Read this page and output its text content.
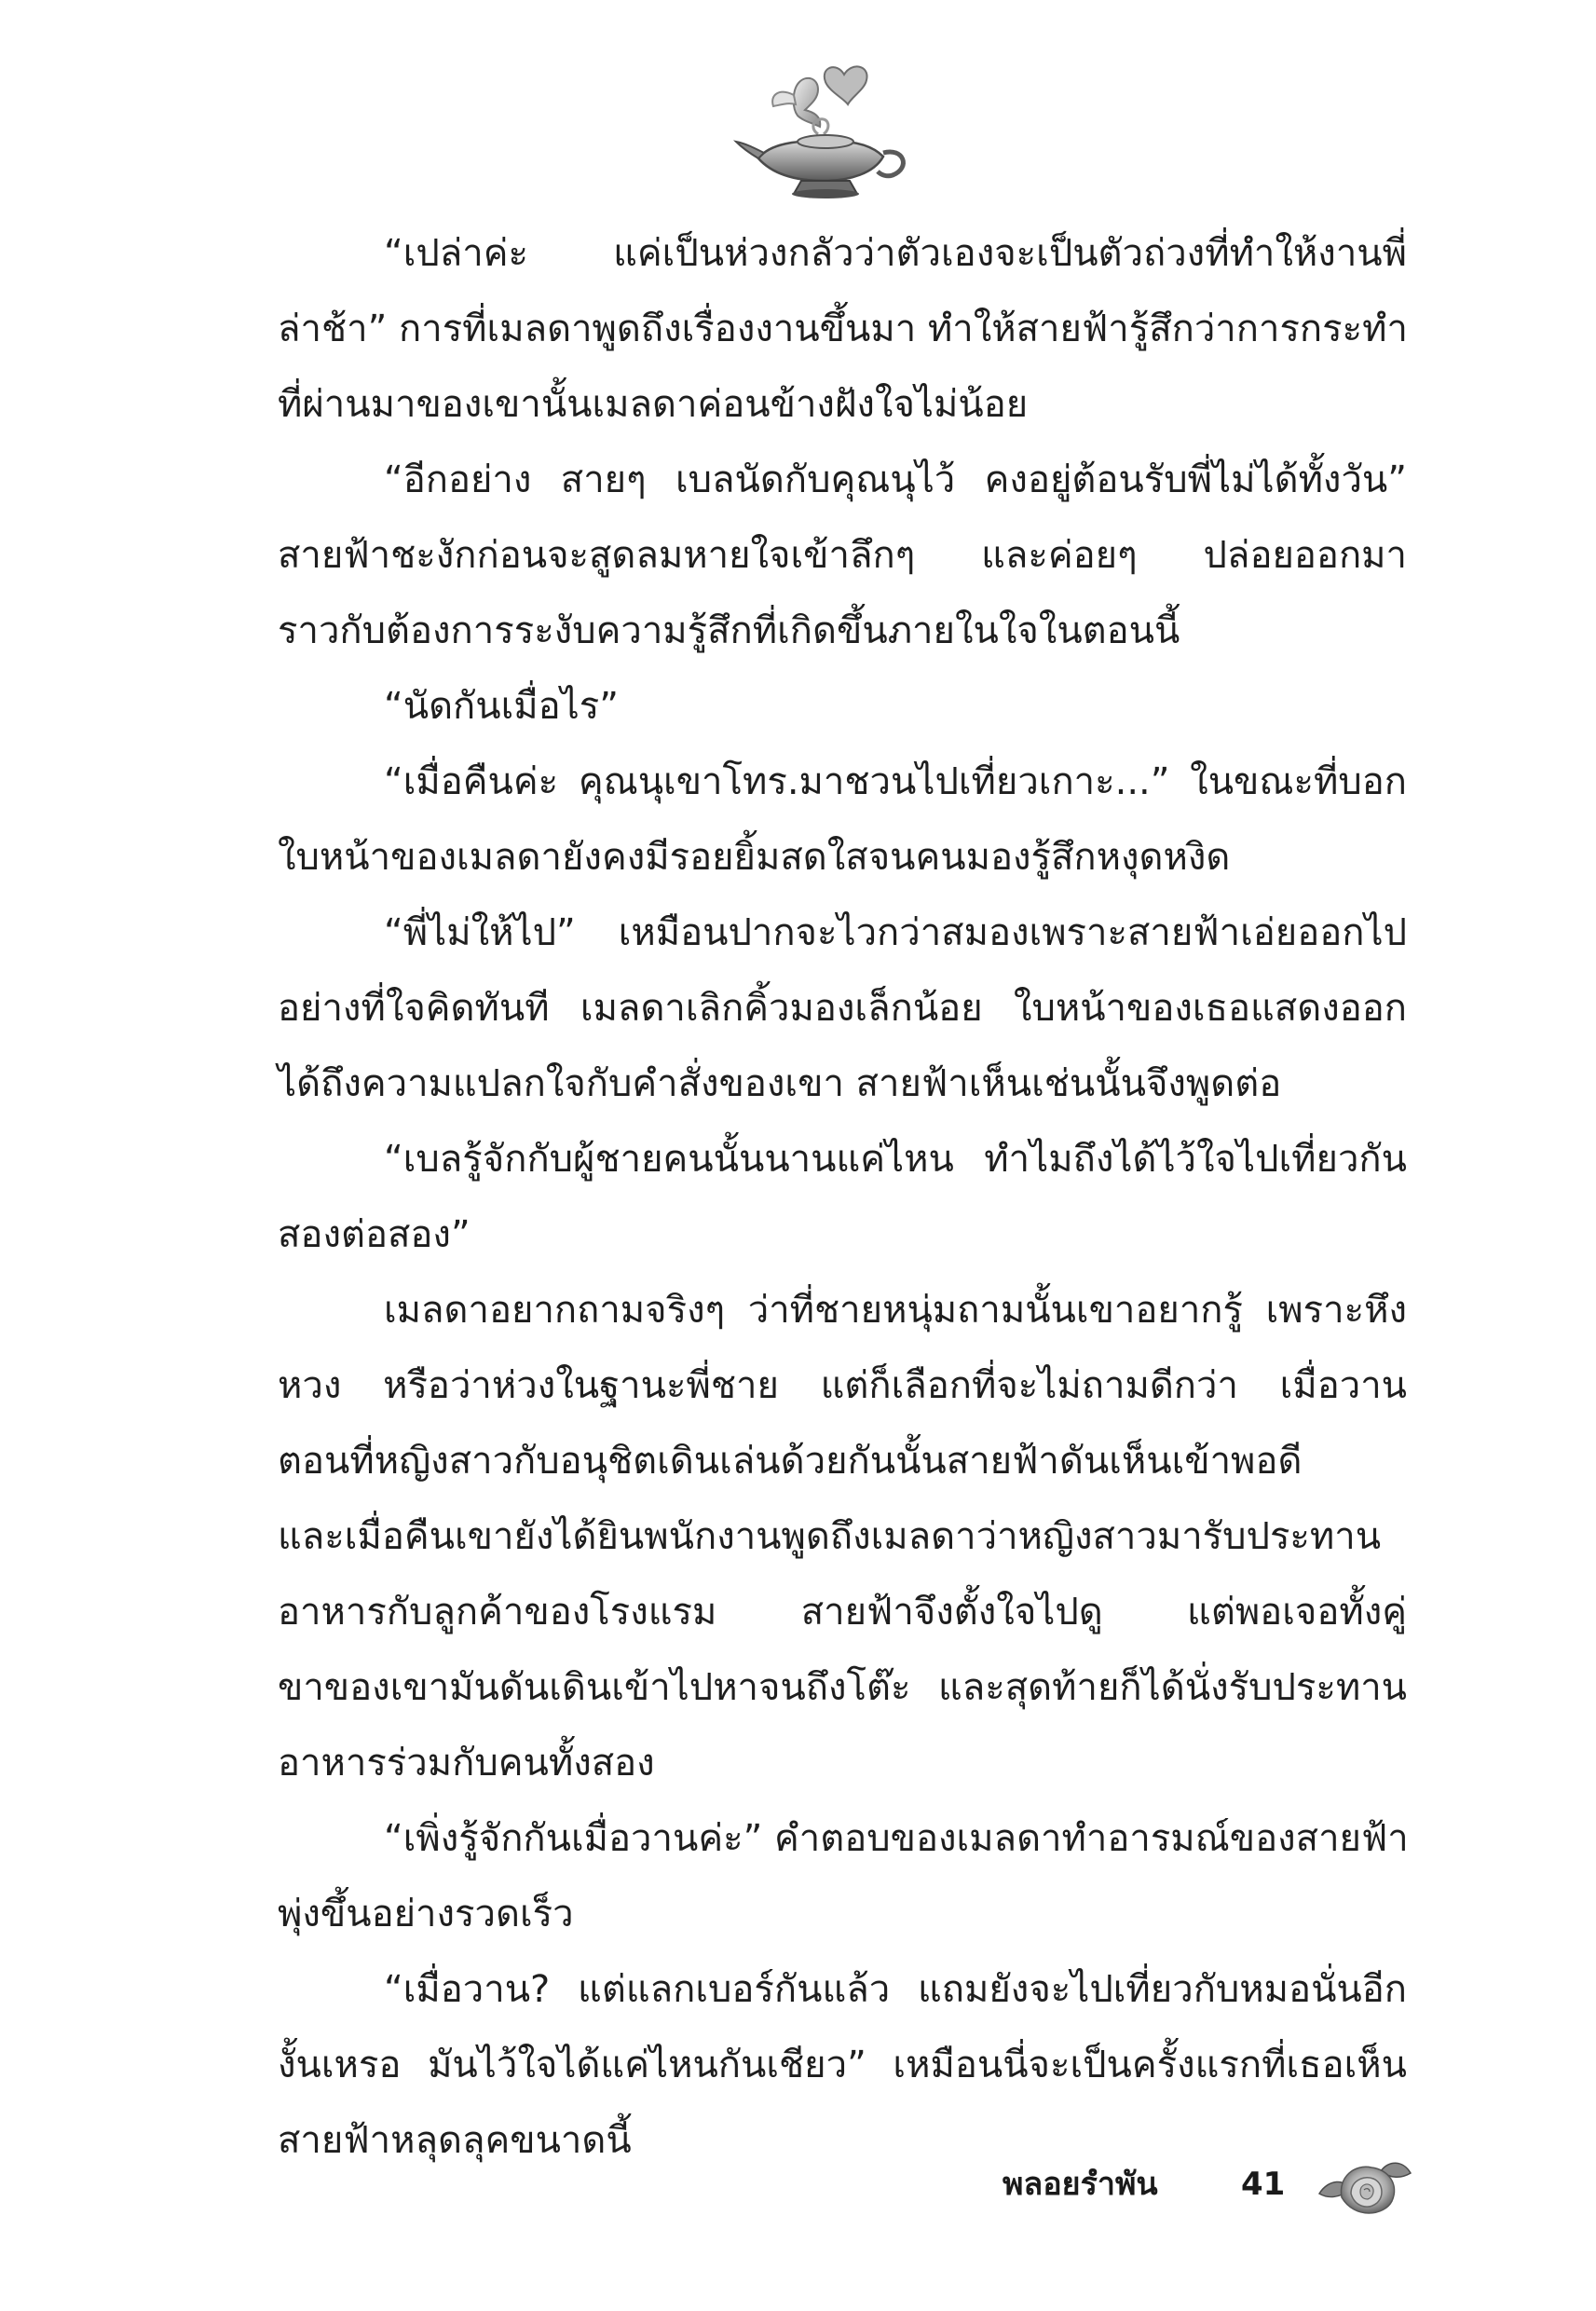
“เปล่าค่ะ แค่เป็นห่วงกลัวว่าตัวเองจะเป็นตัวถ่วงที่ทำให้งานพี่
ล่าช้า” การที่เมลดาพูดถึงเรื่องงานขึ้นมา ทำให้สายฟ้ารู้สึกว่าการกระทำ
ที่ผ่านมาของเขานั้นเมลดาค่อนข้างฝังใจไม่น้อย
“อีกอย่าง สายๆ เบลนัดกับคุณนุไว้ คงอยู่ต้อนรับพี่ไม่ได้ทั้งวัน”
สายฟ้าชะงักก่อนจะสูดลมหายใจเข้าลึกๆ และค่อยๆ ปล่อยออกมา
ราวกับต้องการระงับความรู้สึกที่เกิดขึ้นภายในใจในตอนนี้
“นัดกันเมื่อไร”
“เมื่อคืนค่ะ คุณนุเขาโทร.มาชวนไปเที่ยวเกาะ...” ในขณะที่บอก
ใบหน้าของเมลดายังคงมีรอยยิ้มสดใสจนคนมองรู้สึกหงุดหงิด
“พี่ไม่ให้ไป” เหมือนปากจะไวกว่าสมองเพราะสายฟ้าเอ่ยออกไป
อย่างที่ใจคิดทันที เมลดาเลิกคิ้วมองเล็กน้อย ใบหน้าของเธอแสดงออก
ได้ถึงความแปลกใจกับคำสั่งของเขา สายฟ้าเห็นเช่นนั้นจึงพูดต่อ
“เบลรู้จักกับผู้ชายคนนั้นนานแค่ไหน ทำไมถึงได้ไว้ใจไปเที่ยวกัน
สองต่อสอง”
เมลดาอยากถามจริงๆ ว่าที่ชายหนุ่มถามนั้นเขาอยากรู้ เพราะหึง
หวง หรือว่าห่วงในฐานะพี่ชาย แต่ก็เลือกที่จะไม่ถามดีกว่า เมื่อวาน
ตอนที่หญิงสาวกับอนุชิตเดินเล่นด้วยกันนั้นสายฟ้าดันเห็นเข้าพอดี
และเมื่อคืนเขายังได้ยินพนักงานพูดถึงเมลดาว่าหญิงสาวมารับประทาน
อาหารกับลูกค้าของโรงแรม สายฟ้าจึงตั้งใจไปดู แต่พอเจอทั้งคู่
ขาของเขามันดันเดินเข้าไปหาจนถึงโต๊ะ และสุดท้ายก็ได้นั่งรับประทาน
อาหารร่วมกับคนทั้งสอง
“เพิ่งรู้จักกันเมื่อวานค่ะ” คำตอบของเมลดาทำอารมณ์ของสายฟ้า
พุ่งขึ้นอย่างรวดเร็ว
“เมื่อวาน? แต่แลกเบอร์กันแล้ว แถมยังจะไปเที่ยวกับหมอนั่นอีก
งั้นเหรอ มันไว้ใจได้แค่ไหนกันเชียว” เหมือนนี่จะเป็นครั้งแรกที่เธอเห็น
สายฟ้าหลุดลุคขนาดนี้
พลอยรำพัน	41
